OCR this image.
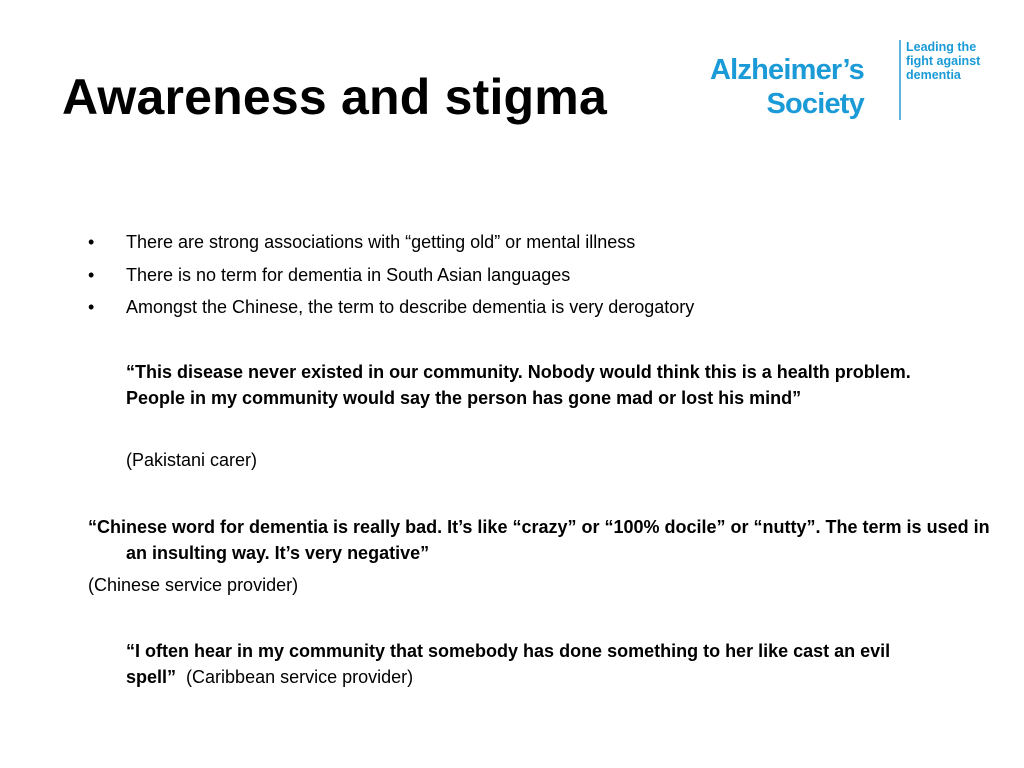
Awareness and stigma	Alzheimer’s
Society
Leading the
fight against
dementia
• There are strong associations with “getting old” or mental illness
• There is no term for dementia in South Asian languages
• Amongst the Chinese, the term to describe dementia is very derogatory

“This disease never existed in our community. Nobody would think this is a health problem. People in my community would say the person has gone mad or lost his mind”

(Pakistani carer)

“Chinese word for dementia is really bad. It’s like “crazy” or “100% docile” or “nutty”. The term is used in an insulting way. It’s very negative”

(Chinese service provider)

“I often hear in my community that somebody has done something to her like cast an evil spell” (Caribbean service provider)
